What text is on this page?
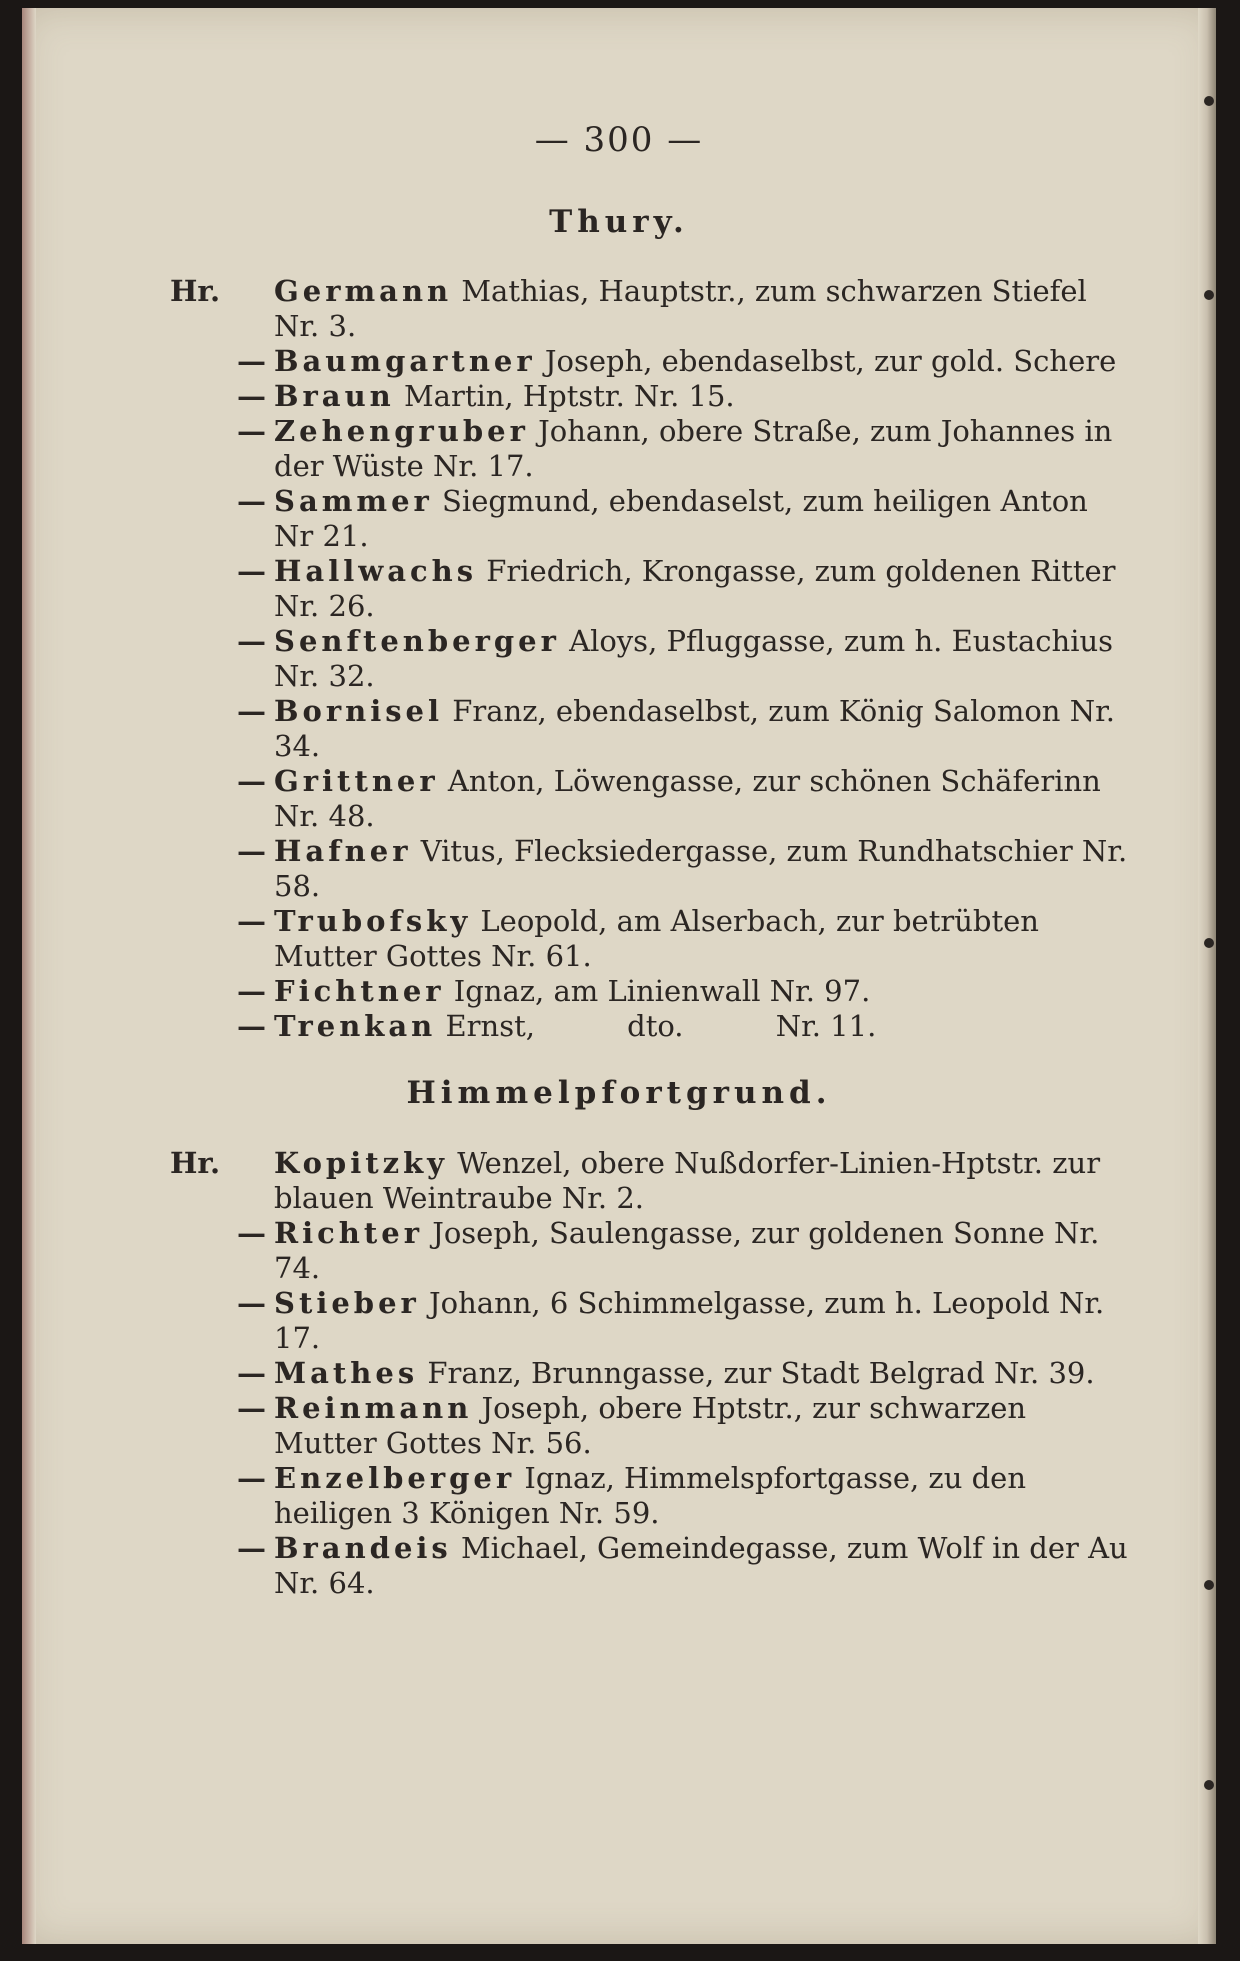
— 300 —
Thury.

Hr.	Germann Mathias, Hauptstr., zum schwarzen Stiefel Nr. 3.

— Baumgartner Joseph, ebendaselbst, zur gold. Schere

— Braun Martin, Hptstr. Nr. 15.

— Zehengruber Johann, obere Straße, zum Johannes in der Wüste Nr. 17.

— Sammer Siegmund, ebendaselst, zum heiligen Anton Nr 21.

— Hallwachs Friedrich, Krongasse, zum goldenen Ritter Nr. 26.

— Senftenberger Aloys, Pfluggasse, zum h. Eustachius Nr. 32.

— Bornisel Franz, ebendaselbst, zum König Salomon Nr. 34.

— Grittner Anton, Löwengasse, zur schönen Schäferinn Nr. 48.

— Hafner Vitus, Flecksiedergasse, zum Rundhatschier Nr. 58.

— Trubofsky Leopold, am Alserbach, zur betrübten Mutter Gottes Nr. 61.

— Fichtner Ignaz, am Linienwall Nr. 97.

— Trenkan Ernst,          dto.          Nr. 11.

Himmelpfortgrund.

Hr.	Kopitzky Wenzel, obere Nußdorfer-Linien-Hptstr. zur blauen Weintraube Nr. 2.

— Richter Joseph, Saulengasse, zur goldenen Sonne Nr. 74.

— Stieber Johann, 6 Schimmelgasse, zum h. Leopold Nr. 17.

— Mathes Franz, Brunngasse, zur Stadt Belgrad Nr. 39.

— Reinmann Joseph, obere Hptstr., zur schwarzen Mutter Gottes Nr. 56.

— Enzelberger Ignaz, Himmelspfortgasse, zu den heiligen 3 Königen Nr. 59.

— Brandeis Michael, Gemeindegasse, zum Wolf in der Au Nr. 64.
